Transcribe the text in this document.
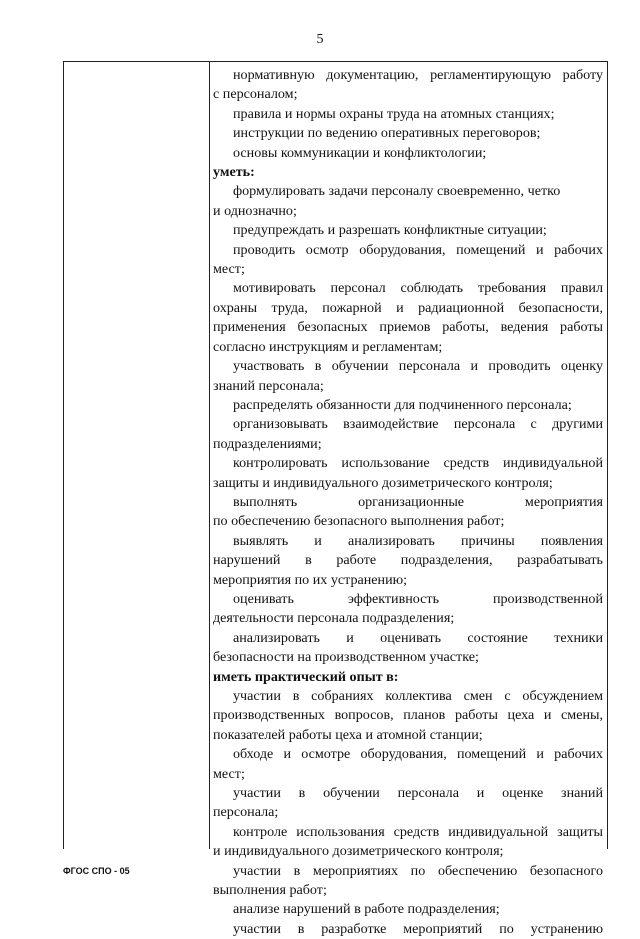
5
нормативную документацию, регламентирующую работу
с персоналом;
правила и нормы охраны труда на атомных станциях;
инструкции по ведению оперативных переговоров;
основы коммуникации и конфликтологии;
уметь:
формулировать задачи персоналу своевременно, четко
и однозначно;
предупреждать и разрешать конфликтные ситуации;
проводить осмотр оборудования, помещений и рабочих
мест;
мотивировать персонал соблюдать требования правил
охраны труда, пожарной и радиационной безопасности,
применения безопасных приемов работы, ведения работы
согласно инструкциям и регламентам;
участвовать в обучении персонала и проводить оценку
знаний персонала;
распределять обязанности для подчиненного персонала;
организовывать взаимодействие персонала с другими
подразделениями;
контролировать использование средств индивидуальной
защиты и индивидуального дозиметрического контроля;
выполнять организационные мероприятия
по обеспечению безопасного выполнения работ;
выявлять и анализировать причины появления
нарушений в работе подразделения, разрабатывать
мероприятия по их устранению;
оценивать эффективность производственной
деятельности персонала подразделения;
анализировать и оценивать состояние техники
безопасности на производственном участке;
иметь практический опыт в:
участии в собраниях коллектива смен с обсуждением
производственных вопросов, планов работы цеха и смены,
показателей работы цеха и атомной станции;
обходе и осмотре оборудования, помещений и рабочих
мест;
участии в обучении персонала и оценке знаний
персонала;
контроле использования средств индивидуальной защиты
и индивидуального дозиметрического контроля;
участии в мероприятиях по обеспечению безопасного
выполнения работ;
анализе нарушений в работе подразделения;
участии в разработке мероприятий по устранению
ФГОС СПО - 05
